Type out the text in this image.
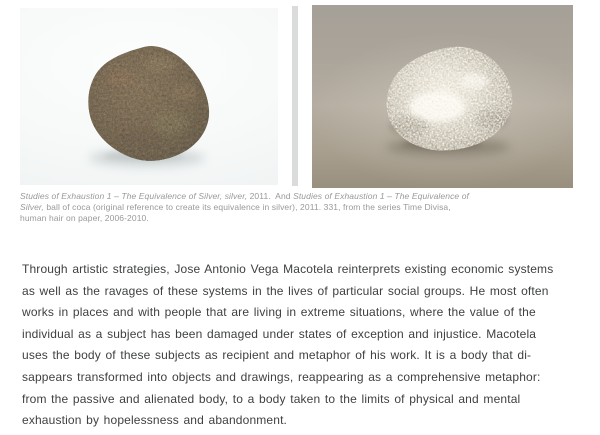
Studies of Exhaustion 1 – The Equivalence of Silver, silver, 2011.  And Studies of Exhaustion 1 – The Equivalence of
Silver, ball of coca (original reference to create its equivalence in silver), 2011. 331, from the series Time Divisa,
human hair on paper, 2006-2010.
Through artistic strategies, Jose Antonio Vega Macotela reinterprets existing economic systems
as well as the ravages of these systems in the lives of particular social groups. He most often
works in places and with people that are living in extreme situations, where the value of the
individual as a subject has been damaged under states of exception and injustice. Macotela
uses the body of these subjects as recipient and metaphor of his work. It is a body that di-
sappears transformed into objects and drawings, reappearing as a comprehensive metaphor:
from the passive and alienated body, to a body taken to the limits of physical and mental
exhaustion by hopelessness and abandonment.
